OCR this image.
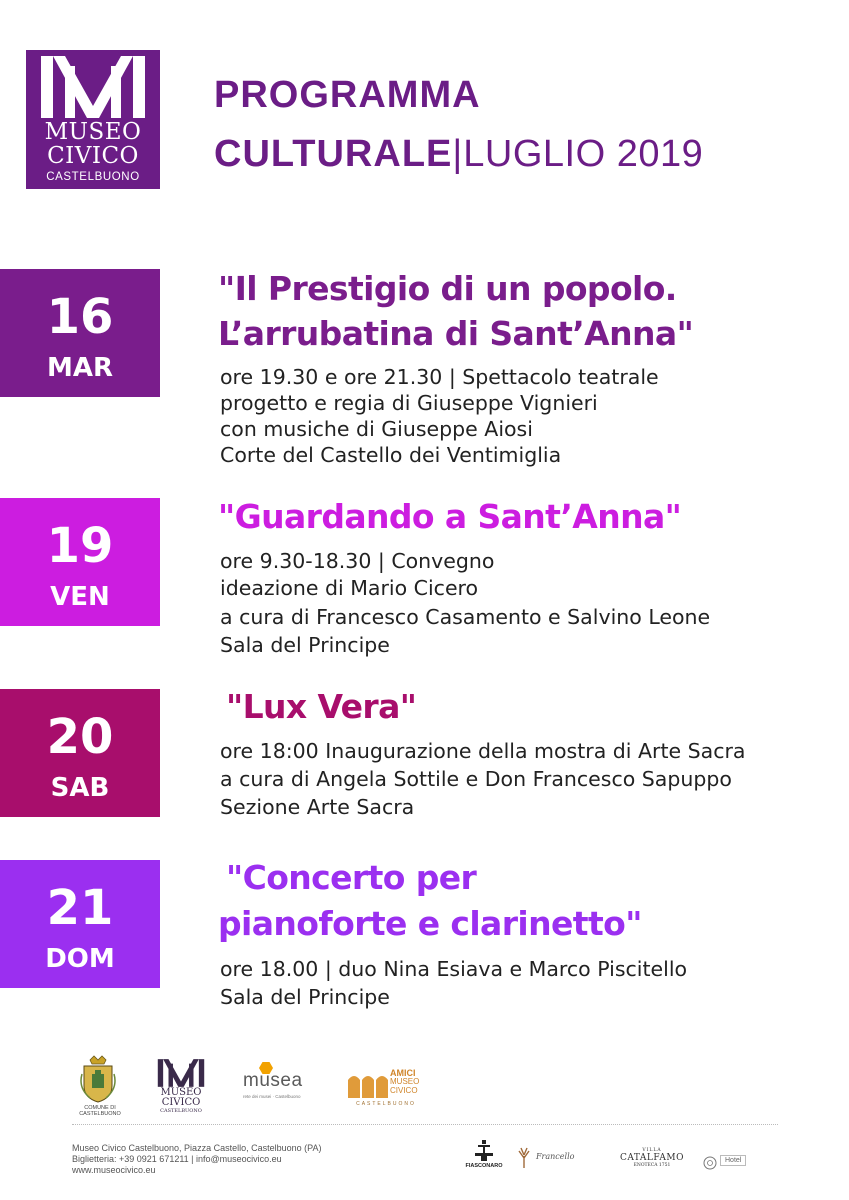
MUSEO
CIVICO
CASTELBUONO
PROGRAMMA
CULTURALE|LUGLIO 2019
16
MAR
"Il Prestigio di un popolo.
L’arrubatina di Sant’Anna"
ore 19.30 e ore 21.30 | Spettacolo teatrale
progetto e regia di Giuseppe Vignieri
con musiche di Giuseppe Aiosi
Corte del Castello dei Ventimiglia
19
VEN
"Guardando a Sant’Anna"
ore 9.30-18.30 | Convegno
ideazione di Mario Cicero
a cura di Francesco Casamento e Salvino Leone
Sala del Principe
20
SAB
"Lux Vera"
ore 18:00 Inaugurazione della mostra di Arte Sacra
a cura di Angela Sottile e Don Francesco Sapuppo
Sezione Arte Sacra
21
DOM
"Concerto per
pianoforte e clarinetto"
ore 18.00 | duo Nina Esiava e Marco Piscitello
Sala del Principe
COMUNE DI
CASTELBUONO
MUSEO
CIVICO
CASTELBUONO
musea
rete dei musei · Castelbuono
AMICI
MUSEO
CIVICO
CASTELBUONO
Museo Civico Castelbuono, Piazza Castello, Castelbuono (PA)
Biglietteria: +39 0921 671211 | info@museocivico.eu
www.museocivico.eu	FIASCONARO
Francello
VILLA
CATALFAMO
ENOTECA 1751
Hotel
